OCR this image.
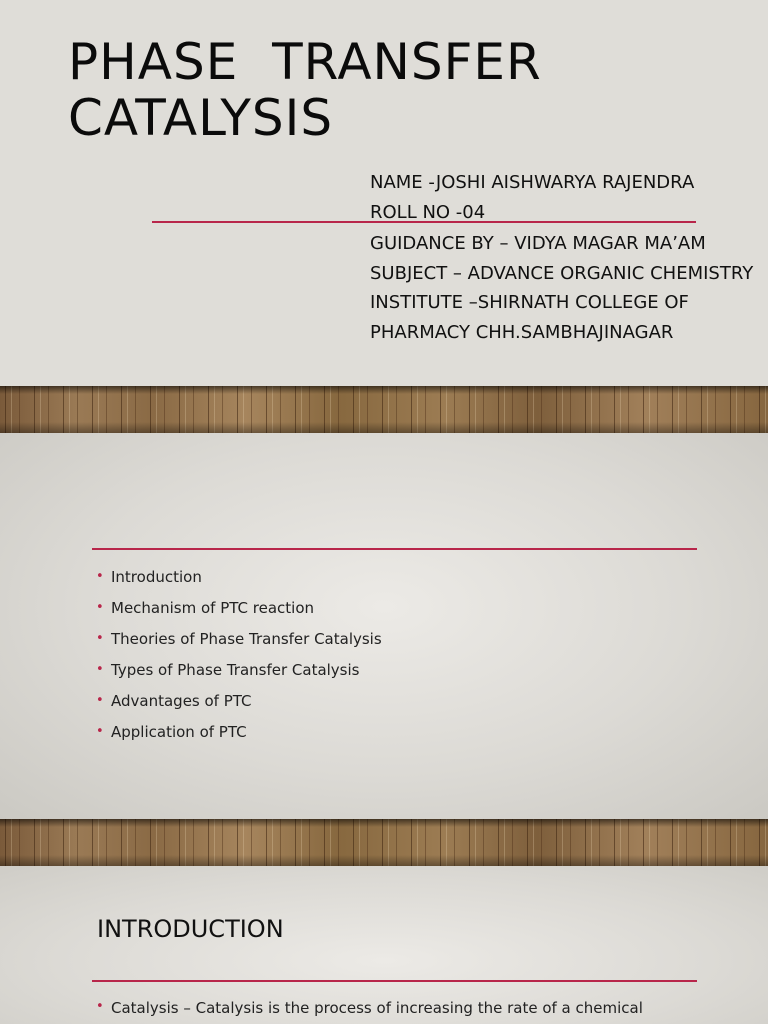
PHASE  TRANSFER
CATALYSIS
NAME -JOSHI AISHWARYA RAJENDRA
ROLL NO -04
GUIDANCE BY – VIDYA MAGAR MA’AM
SUBJECT – ADVANCE ORGANIC CHEMISTRY
INSTITUTE –SHIRNATH COLLEGE OF PHARMACY CHH.SAMBHAJINAGAR
• Introduction
• Mechanism of PTC reaction
• Theories of Phase Transfer Catalysis
• Types of Phase Transfer Catalysis
• Advantages of PTC
• Application of PTC
INTRODUCTION
• Catalysis – Catalysis is the process of increasing the rate of a chemical
